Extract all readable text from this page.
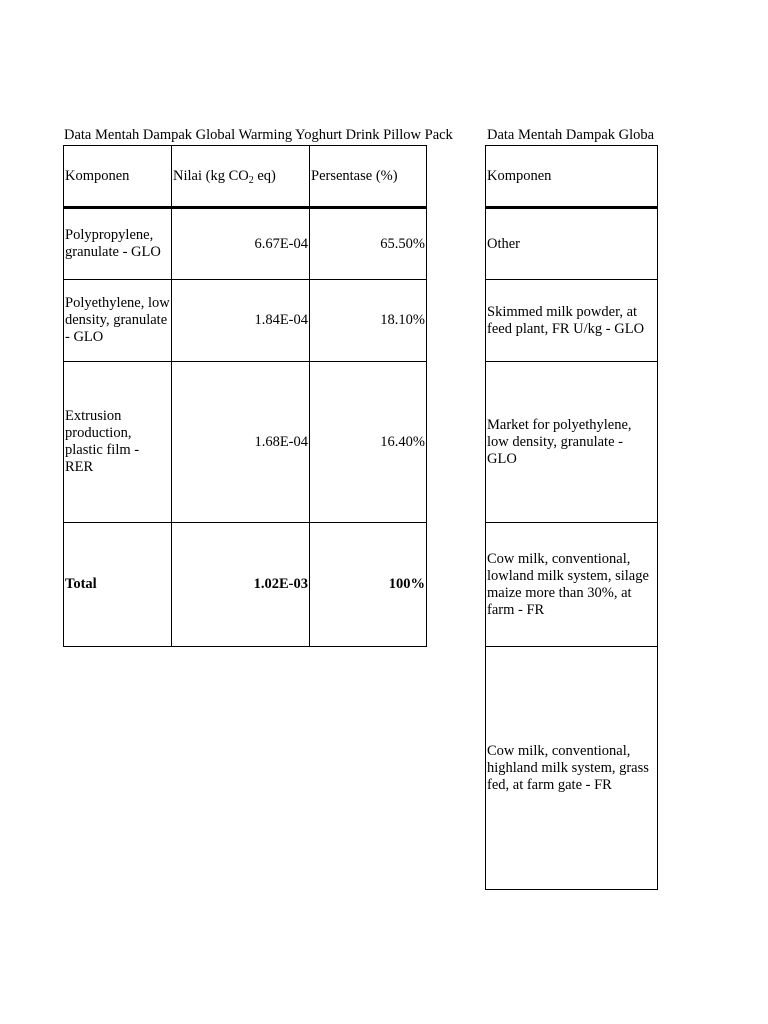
Data Mentah Dampak Global Warming Yoghurt Drink Pillow Pack Data Mentah Dampak Globa
Komponen	Nilai (kg $CO_2$ eq)	Persentase (%)
Polypropylene, granulate - GLO	6.67E-04	65.50%
Polyethylene, low density, granulate - GLO	1.84E-04	18.10%
Extrusion production, plastic film - RER	1.68E-04	16.40%
Total	1.02E-03	100%
Komponen
Other
Skimmed milk powder, at feed plant, FR U/kg - GLO
Market for polyethylene, low density, granulate - GLO
Cow milk, conventional, lowland milk system, silage maize more than 30%, at farm - FR
Cow milk, conventional, highland milk system, grass fed, at farm gate - FR
